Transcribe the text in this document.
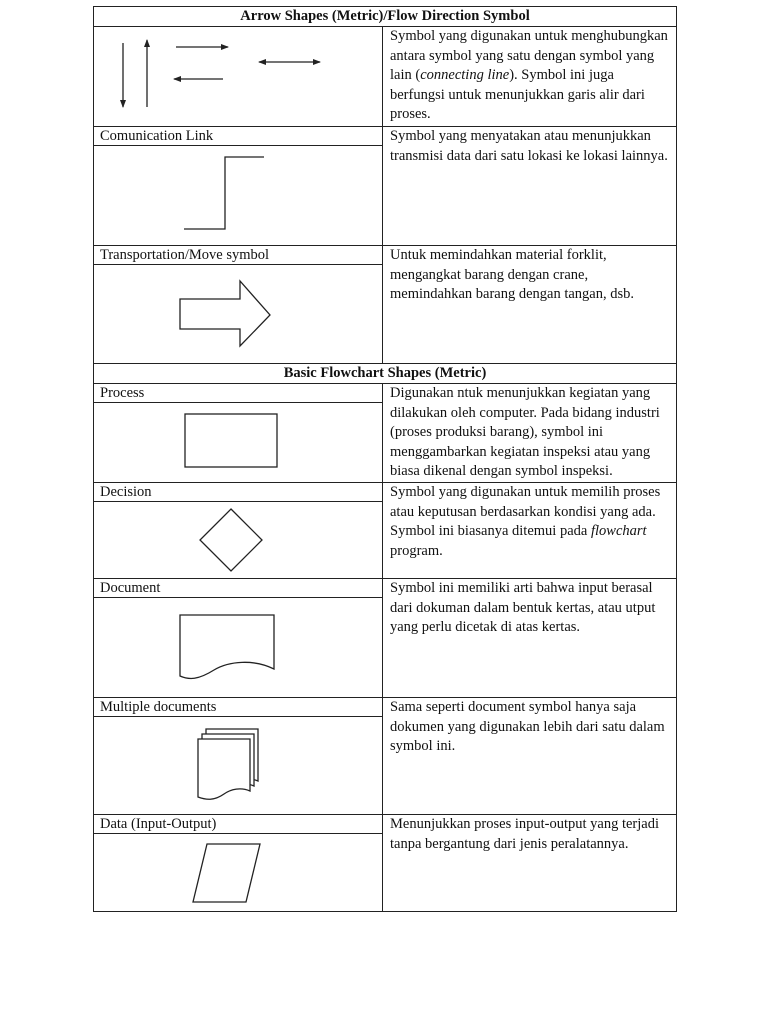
Arrow Shapes (Metric)/Flow Direction Symbol	

	Symbol yang digunakan untuk menghubungkan antara symbol yang satu dengan symbol yang lain (connecting line). Symbol ini juga berfungsi untuk menunjukkan garis alir dari proses.

Comunication Link	Symbol yang menyatakan atau menunjukkan transmisi data dari satu lokasi ke lokasi lainnya.

Transportation/Move symbol	Untuk memindahkan material forklit, mengangkat barang dengan crane, memindahkan barang dengan tangan, dsb.
Basic Flowchart Shapes (Metric)	

Process	Digunakan ntuk menunjukkan kegiatan yang dilakukan oleh computer. Pada bidang industri (proses produksi barang), symbol ini menggambarkan kegiatan inspeksi atau yang biasa dikenal dengan symbol inspeksi.

Decision	Symbol yang digunakan untuk memilih proses atau keputusan berdasarkan kondisi yang ada. Symbol ini biasanya ditemui pada flowchart program.

Document	Symbol ini memiliki arti bahwa input berasal dari dokuman dalam bentuk kertas, atau utput yang perlu dicetak di atas kertas.

Multiple documents	Sama seperti document symbol hanya saja dokumen yang digunakan lebih dari satu dalam symbol ini.

Data (Input-Output)	Menunjukkan proses input-output yang terjadi tanpa bergantung dari jenis peralatannya.
